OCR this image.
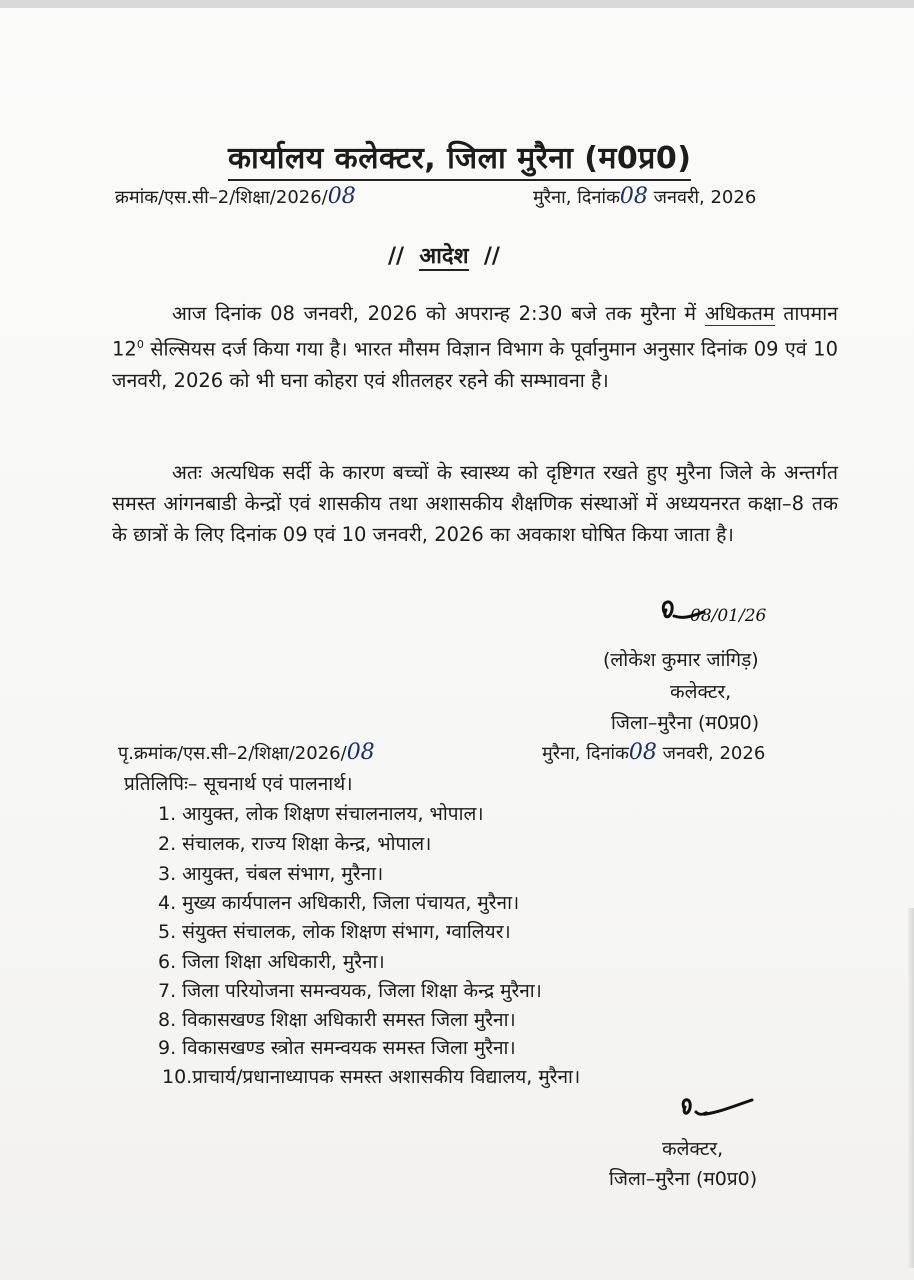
कार्यालय कलेक्टर, जिला मुरैना (म0प्र0)
क्रमांक/एस.सी–2/शिक्षा/2026/08	मुरैना, दिनांक08 जनवरी, 2026
// आदेश //
आज दिनांक 08 जनवरी, 2026 को अपरान्ह 2:30 बजे तक मुरैना में अधिकतम तापमान $12^0$ सेल्सियस दर्ज किया गया है। भारत मौसम विज्ञान विभाग के पूर्वानुमान अनुसार दिनांक 09 एवं 10 जनवरी, 2026 को भी घना कोहरा एवं शीतलहर रहने की सम्भावना है।
अतः अत्यधिक सर्दी के कारण बच्चों के स्वास्थ्य को दृष्टिगत रखते हुए मुरैना जिले के अन्तर्गत समस्त आंगनबाडी केन्द्रों एवं शासकीय तथा अशासकीय शैक्षणिक संस्थाओं में अध्ययनरत कक्षा–8 तक के छात्रों के लिए दिनांक 09 एवं 10 जनवरी, 2026 का अवकाश घोषित किया जाता है।
08/01/26
(लोकेश कुमार जांगिड़)
कलेक्टर,
जिला–मुरैना (म0प्र0)
पृ.क्रमांक/एस.सी–2/शिक्षा/2026/08	मुरैना, दिनांक08 जनवरी, 2026
प्रतिलिपिः– सूचनार्थ एवं पालनार्थ।
1. आयुक्त, लोक शिक्षण संचालनालय, भोपाल।
2. संचालक, राज्य शिक्षा केन्द्र, भोपाल।
3. आयुक्त, चंबल संभाग, मुरैना।
4. मुख्य कार्यपालन अधिकारी, जिला पंचायत, मुरैना।
5. संयुक्त संचालक, लोक शिक्षण संभाग, ग्वालियर।
6. जिला शिक्षा अधिकारी, मुरैना।
7. जिला परियोजना समन्वयक, जिला शिक्षा केन्द्र मुरैना।
8. विकासखण्ड शिक्षा अधिकारी समस्त जिला मुरैना।
9. विकासखण्ड स्त्रोत समन्वयक समस्त जिला मुरैना।
10.प्राचार्य/प्रधानाध्यापक समस्त अशासकीय विद्यालय, मुरैना।
कलेक्टर,
जिला–मुरैना (म0प्र0)
